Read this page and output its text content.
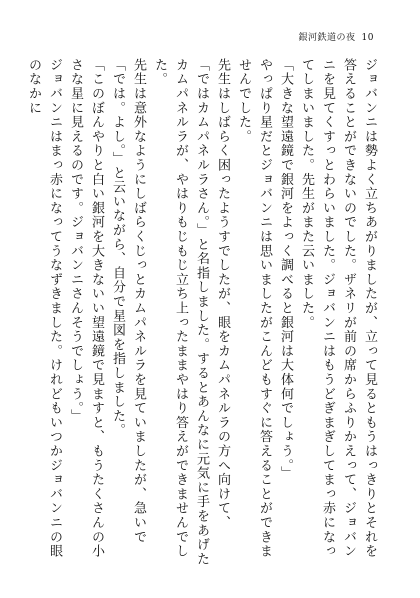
銀河鉄道の夜 10

ジョバンニは勢よく立ちあがりましたが、立って見るともうはっきりとそれを答えることができないのでした。ザネリが前の席からふりかえって、ジョバンニを見てくすっとわらいました。ジョバンニはもうどぎまぎしてまっ赤になってしまいました。先生がまた云いました。

「大きな望遠鏡で銀河をよっく調べると銀河は大体何でしょう。」

やっぱり星だとジョバンニは思いましたがこんどもすぐに答えることができませんでした。

先生はしばらく困ったようすでしたが、眼をカムパネルラの方へ向けて、

「ではカムパネルラさん。」と名指しました。するとあんなに元気に手をあげたカムパネルラが、やはりもじもじ立ち上ったままやはり答えができませんでした。

先生は意外なようにしばらくじっとカムパネルラを見ていましたが、急いで「では。よし。」と云いながら、自分で星図を指しました。

「このぼんやりと白い銀河を大きないい望遠鏡で見ますと、もうたくさんの小さな星に見えるのです。ジョバンニさんそうでしょう。」

ジョバンニはまっ赤になってうなずきました。けれどもいつかジョバンニの眼のなかに
